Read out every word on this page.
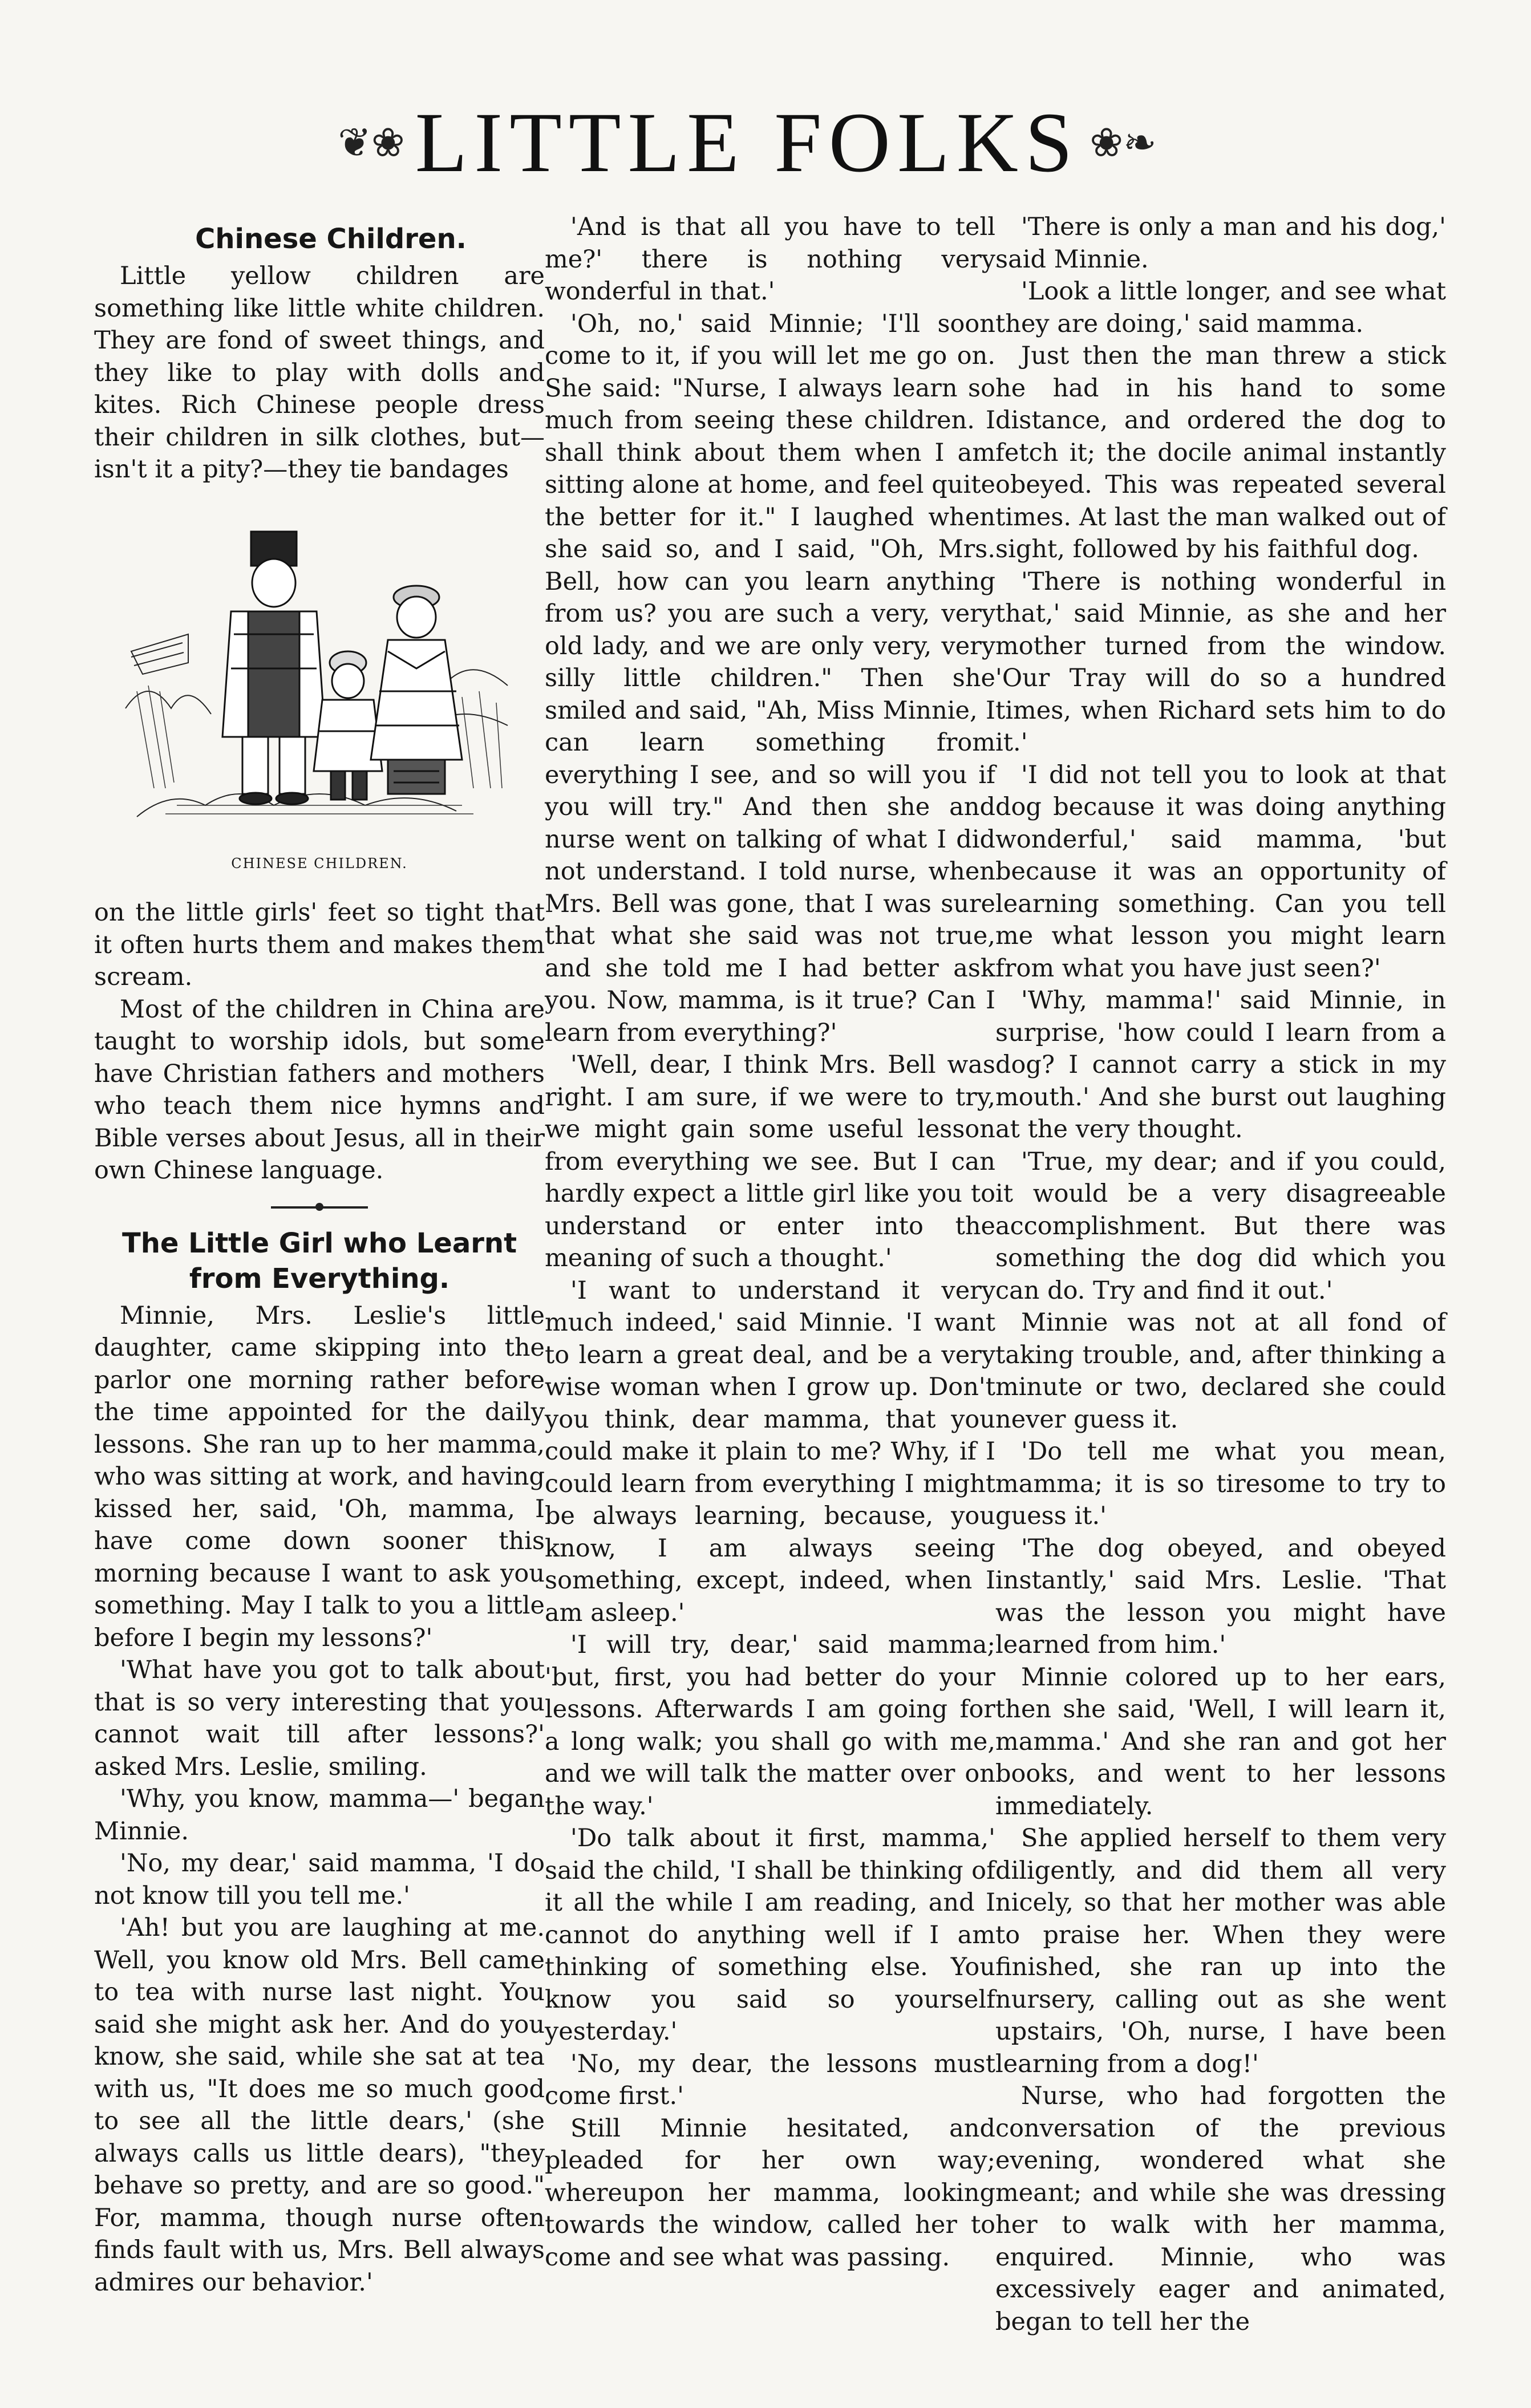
❦❀ LITTLE FOLKS ❀❧
Chinese Children.

Little yellow children are something like little white children. They are fond of sweet things, and they like to play with dolls and kites. Rich Chinese people dress their children in silk clothes, but—isn't it a pity?—they tie bandages

CHINESE CHILDREN.

on the little girls' feet so tight that it often hurts them and makes them scream.

Most of the children in China are taught to worship idols, but some have Christian fathers and mothers who teach them nice hymns and Bible verses about Jesus, all in their own Chinese language.

The Little Girl who Learnt from Everything.

Minnie, Mrs. Leslie's little daughter, came skipping into the parlor one morning rather before the time appointed for the daily lessons. She ran up to her mamma, who was sitting at work, and having kissed her, said, 'Oh, mamma, I have come down sooner this morning because I want to ask you something. May I talk to you a little before I begin my lessons?'

'What have you got to talk about that is so very interesting that you cannot wait till after lessons?' asked Mrs. Leslie, smiling.

'Why, you know, mamma—' began Minnie.

'No, my dear,' said mamma, 'I do not know till you tell me.'

'Ah! but you are laughing at me. Well, you know old Mrs. Bell came to tea with nurse last night. You said she might ask her. And do you know, she said, while she sat at tea with us, "It does me so much good to see all the little dears,' (she always calls us little dears), "they behave so pretty, and are so good." For, mamma, though nurse often finds fault with us, Mrs. Bell always admires our behavior.'

'And is that all you have to tell me?' there is nothing very wonderful in that.'

'Oh, no,' said Minnie; 'I'll soon come to it, if you will let me go on. She said: "Nurse, I always learn so much from seeing these children. I shall think about them when I am sitting alone at home, and feel quite the better for it." I laughed when she said so, and I said, "Oh, Mrs. Bell, how can you learn anything from us? you are such a very, very old lady, and we are only very, very silly little children." Then she smiled and said, "Ah, Miss Minnie, I can learn something from everything I see, and so will you if you will try." And then she and nurse went on talking of what I did not understand. I told nurse, when Mrs. Bell was gone, that I was sure that what she said was not true, and she told me I had better ask you. Now, mamma, is it true? Can I learn from everything?'

'Well, dear, I think Mrs. Bell was right. I am sure, if we were to try, we might gain some useful lesson from everything we see. But I can hardly expect a little girl like you to understand or enter into the meaning of such a thought.'

'I want to understand it very much indeed,' said Minnie. 'I want to learn a great deal, and be a very wise woman when I grow up. Don't you think, dear mamma, that you could make it plain to me? Why, if I could learn from everything I might be always learning, because, you know, I am always seeing something, except, indeed, when I am asleep.'

'I will try, dear,' said mamma; 'but, first, you had better do your lessons. Afterwards I am going for a long walk; you shall go with me, and we will talk the matter over on the way.'

'Do talk about it first, mamma,' said the child, 'I shall be thinking of it all the while I am reading, and I cannot do anything well if I am thinking of something else. You know you said so yourself yesterday.'

'No, my dear, the lessons must come first.'

Still Minnie hesitated, and pleaded for her own way; whereupon her mamma, looking towards the window, called her to come and see what was passing.

'There is only a man and his dog,' said Minnie.

'Look a little longer, and see what they are doing,' said mamma.

Just then the man threw a stick he had in his hand to some distance, and ordered the dog to fetch it; the docile animal instantly obeyed. This was repeated several times. At last the man walked out of sight, followed by his faithful dog.

'There is nothing wonderful in that,' said Minnie, as she and her mother turned from the window. 'Our Tray will do so a hundred times, when Richard sets him to do it.'

'I did not tell you to look at that dog because it was doing anything wonderful,' said mamma, 'but because it was an opportunity of learning something. Can you tell me what lesson you might learn from what you have just seen?'

'Why, mamma!' said Minnie, in surprise, 'how could I learn from a dog? I cannot carry a stick in my mouth.' And she burst out laughing at the very thought.

'True, my dear; and if you could, it would be a very disagreeable accomplishment. But there was something the dog did which you can do. Try and find it out.'

Minnie was not at all fond of taking trouble, and, after thinking a minute or two, declared she could never guess it.

'Do tell me what you mean, mamma; it is so tiresome to try to guess it.'

'The dog obeyed, and obeyed instantly,' said Mrs. Leslie. 'That was the lesson you might have learned from him.'

Minnie colored up to her ears, then she said, 'Well, I will learn it, mamma.' And she ran and got her books, and went to her lessons immediately.

She applied herself to them very diligently, and did them all very nicely, so that her mother was able to praise her. When they were finished, she ran up into the nursery, calling out as she went upstairs, 'Oh, nurse, I have been learning from a dog!'

Nurse, who had forgotten the conversation of the previous evening, wondered what she meant; and while she was dressing her to walk with her mamma, enquired. Minnie, who was excessively eager and animated, began to tell her the
